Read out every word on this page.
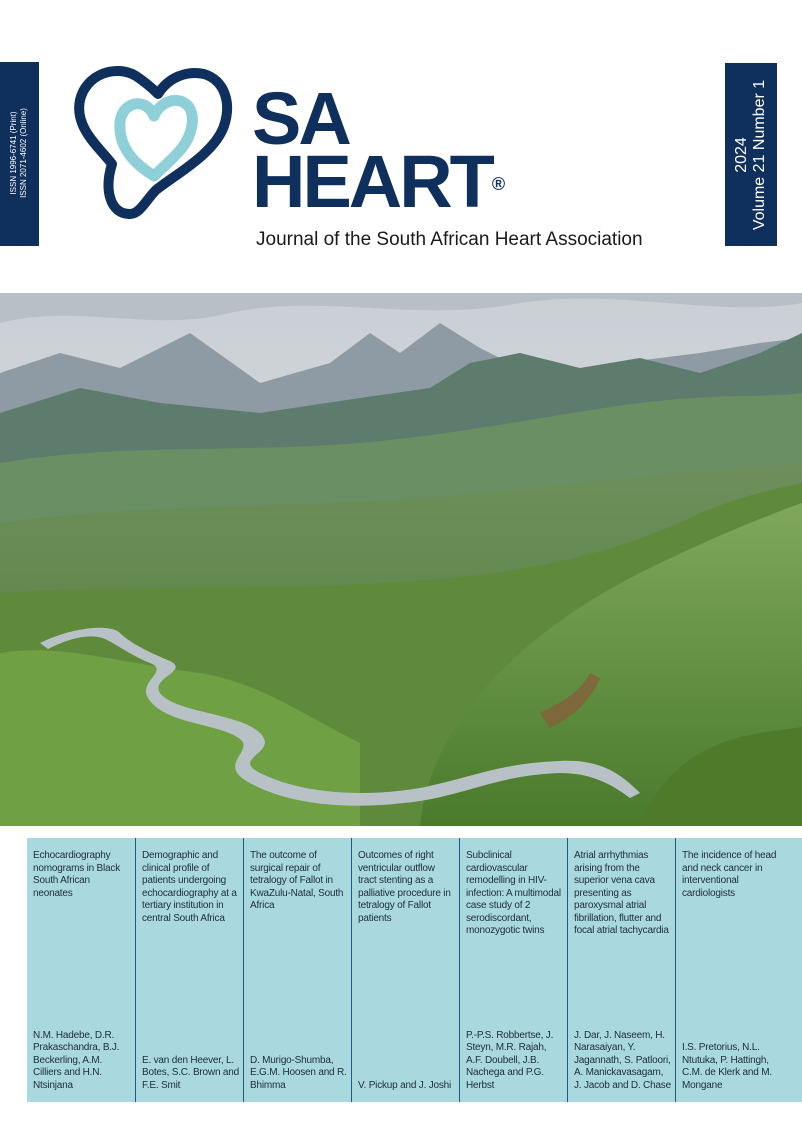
ISSN 1996-6741 (Print) ISSN 2071-4602 (Online)	SA
HEART®
Journal of the South African Heart Association
2024 Volume 21 Number 1
Echocardiography nomograms in Black South African neonates
N.M. Hadebe, D.R. Prakaschandra, B.J. Beckerling, A.M. Cilliers and H.N. Ntsinjana
Demographic and clinical profile of patients undergoing echocardiography at a tertiary institution in central South Africa
E. van den Heever, L. Botes, S.C. Brown and F.E. Smit
The outcome of surgical repair of tetralogy of Fallot in KwaZulu-Natal, South Africa
D. Murigo-Shumba, E.G.M. Hoosen and R. Bhimma
Outcomes of right ventricular outflow tract stenting as a palliative procedure in tetralogy of Fallot patients
V. Pickup and J. Joshi
Subclinical cardiovascular remodelling in HIV-infection: A multimodal case study of 2 serodiscordant, monozygotic twins
P.-P.S. Robbertse, J. Steyn, M.R. Rajah, A.F. Doubell, J.B. Nachega and P.G. Herbst
Atrial arrhythmias arising from the superior vena cava presenting as paroxysmal atrial fibrillation, flutter and focal atrial tachycardia
J. Dar, J. Naseem, H. Narasaiyan, Y. Jagannath, S. Patloori, A. Manickavasagam, J. Jacob and D. Chase
The incidence of head and neck cancer in interventional cardiologists
I.S. Pretorius, N.L. Ntutuka, P. Hattingh, C.M. de Klerk and M. Mongane
